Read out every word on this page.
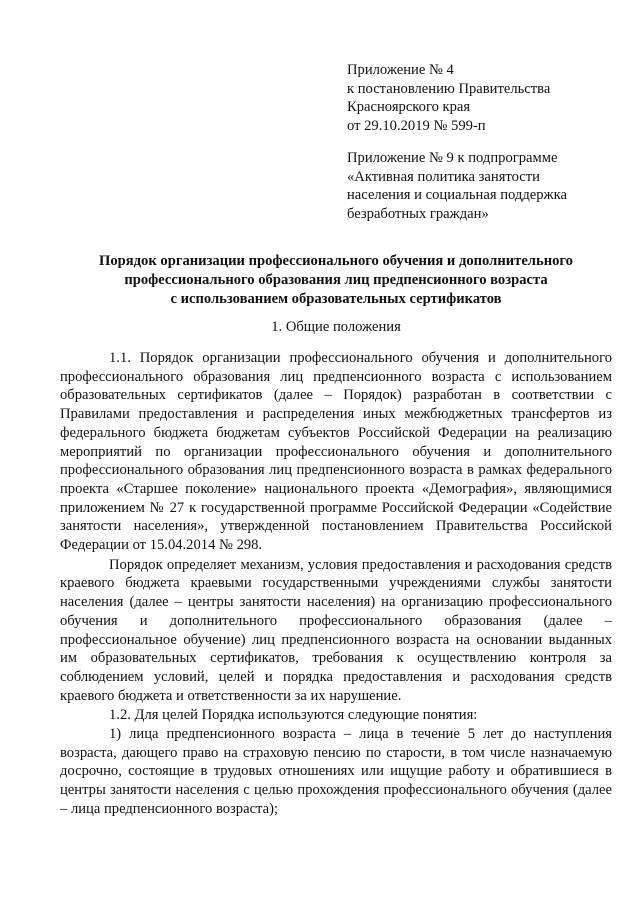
Приложение № 4
к постановлению Правительства
Красноярского края
от 29.10.2019 № 599-п
Приложение № 9 к подпрограмме
«Активная политика занятости
населения и социальная поддержка
безработных граждан»
Порядок организации профессионального обучения и дополнительного
профессионального образования лиц предпенсионного возраста
с использованием образовательных сертификатов
1. Общие положения

1.1. Порядок организации профессионального обучения и дополнительного профессионального образования лиц предпенсионного возраста с использованием образовательных сертификатов (далее – Порядок) разработан в соответствии с Правилами предоставления и распределения иных межбюджетных трансфертов из федерального бюджета бюджетам субъектов Российской Федерации на реализацию мероприятий по организации профессионального обучения и дополнительного профессионального образования лиц предпенсионного возраста в рамках федерального проекта «Старшее поколение» национального проекта «Демография», являющимися приложением № 27 к государственной программе Российской Федерации «Содействие занятости населения», утвержденной постановлением Правительства Российской Федерации от 15.04.2014 № 298.

Порядок определяет механизм, условия предоставления и расходования средств краевого бюджета краевыми государственными учреждениями службы занятости населения (далее – центры занятости населения) на организацию профессионального обучения и дополнительного профессионального образования (далее – профессиональное обучение) лиц предпенсионного возраста на основании выданных им образовательных сертификатов, требования к осуществлению контроля за соблюдением условий, целей и порядка предоставления и расходования средств краевого бюджета и ответственности за их нарушение.

1.2. Для целей Порядка используются следующие понятия:

1) лица предпенсионного возраста – лица в течение 5 лет до наступления возраста, дающего право на страховую пенсию по старости, в том числе назначаемую досрочно, состоящие в трудовых отношениях или ищущие работу и обратившиеся в центры занятости населения с целью прохождения профессионального обучения (далее – лица предпенсионного возраста);
